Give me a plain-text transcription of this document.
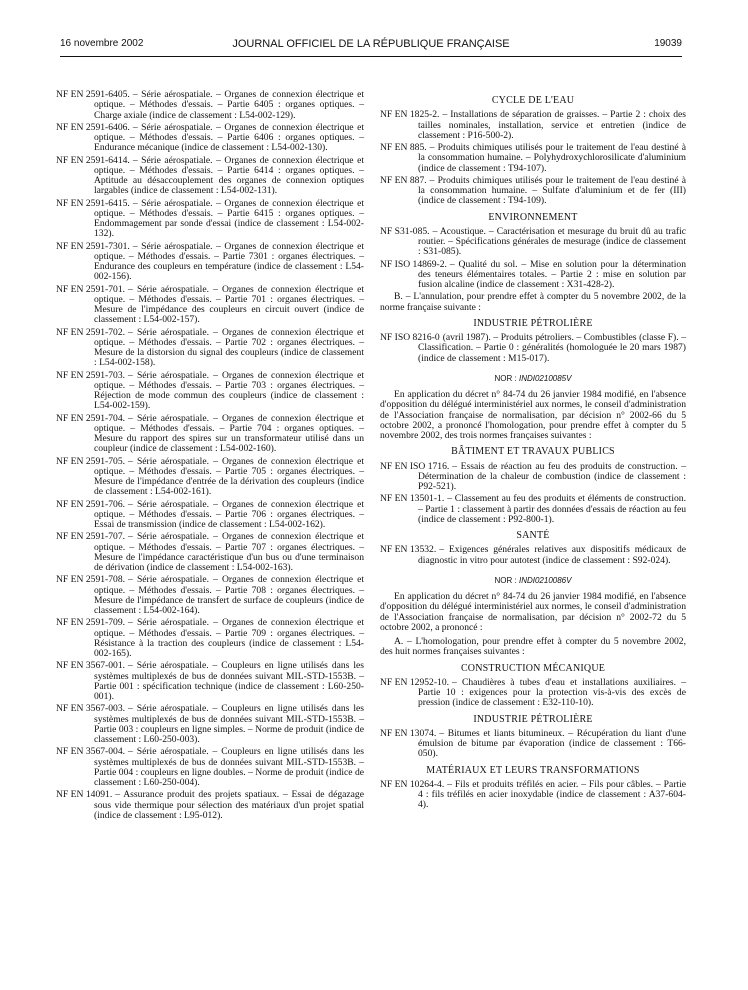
16 novembre 2002	JOURNAL OFFICIEL DE LA RÉPUBLIQUE FRANÇAISE	19039
NF EN 2591-6405. – Série aérospatiale. – Organes de connexion électrique et optique. – Méthodes d'essais. – Partie 6405 : organes optiques. – Charge axiale (indice de classement : L54-002-129).
NF EN 2591-6406. – Série aérospatiale. – Organes de connexion électrique et optique. – Méthodes d'essais. – Partie 6406 : organes optiques. – Endurance mécanique (indice de classement : L54-002-130).
NF EN 2591-6414. – Série aérospatiale. – Organes de connexion électrique et optique. – Méthodes d'essais. – Partie 6414 : organes optiques. – Aptitude au désaccouplement des organes de connexion optiques largables (indice de classement : L54-002-131).
NF EN 2591-6415. – Série aérospatiale. – Organes de connexion électrique et optique. – Méthodes d'essais. – Partie 6415 : organes optiques. – Endommagement par sonde d'essai (indice de classement : L54-002-132).
NF EN 2591-7301. – Série aérospatiale. – Organes de connexion électrique et optique. – Méthodes d'essais. – Partie 7301 : organes électriques. – Endurance des coupleurs en température (indice de classement : L54-002-156).
NF EN 2591-701. – Série aérospatiale. – Organes de connexion électrique et optique. – Méthodes d'essais. – Partie 701 : organes électriques. – Mesure de l'impédance des coupleurs en circuit ouvert (indice de classement : L54-002-157).
NF EN 2591-702. – Série aérospatiale. – Organes de connexion électrique et optique. – Méthodes d'essais. – Partie 702 : organes électriques. – Mesure de la distorsion du signal des coupleurs (indice de classement : L54-002-158).
NF EN 2591-703. – Série aérospatiale. – Organes de connexion électrique et optique. – Méthodes d'essais. – Partie 703 : organes électriques. – Réjection de mode commun des coupleurs (indice de classement : L54-002-159).
NF EN 2591-704. – Série aérospatiale. – Organes de connexion électrique et optique. – Méthodes d'essais. – Partie 704 : organes optiques. – Mesure du rapport des spires sur un transformateur utilisé dans un coupleur (indice de classement : L54-002-160).
NF EN 2591-705. – Série aérospatiale. – Organes de connexion électrique et optique. – Méthodes d'essais. – Partie 705 : organes électriques. – Mesure de l'impédance d'entrée de la dérivation des coupleurs (indice de classement : L54-002-161).
NF EN 2591-706. – Série aérospatiale. – Organes de connexion électrique et optique. – Méthodes d'essais. – Partie 706 : organes électriques. – Essai de transmission (indice de classement : L54-002-162).
NF EN 2591-707. – Série aérospatiale. – Organes de connexion électrique et optique. – Méthodes d'essais. – Partie 707 : organes électriques. – Mesure de l'impédance caractéristique d'un bus ou d'une terminaison de dérivation (indice de classement : L54-002-163).
NF EN 2591-708. – Série aérospatiale. – Organes de connexion électrique et optique. – Méthodes d'essais. – Partie 708 : organes électriques. – Mesure de l'impédance de transfert de surface de coupleurs (indice de classement : L54-002-164).
NF EN 2591-709. – Série aérospatiale. – Organes de connexion électrique et optique. – Méthodes d'essais. – Partie 709 : organes électriques. – Résistance à la traction des coupleurs (indice de classement : L54-002-165).
NF EN 3567-001. – Série aérospatiale. – Coupleurs en ligne utilisés dans les systèmes multiplexés de bus de données suivant MIL-STD-1553B. – Partie 001 : spécification technique (indice de classement : L60-250-001).
NF EN 3567-003. – Série aérospatiale. – Coupleurs en ligne utilisés dans les systèmes multiplexés de bus de données suivant MIL-STD-1553B. – Partie 003 : coupleurs en ligne simples. – Norme de produit (indice de classement : L60-250-003).
NF EN 3567-004. – Série aérospatiale. – Coupleurs en ligne utilisés dans les systèmes multiplexés de bus de données suivant MIL-STD-1553B. – Partie 004 : coupleurs en ligne doubles. – Norme de produit (indice de classement : L60-250-004).
NF EN 14091. – Assurance produit des projets spatiaux. – Essai de dégazage sous vide thermique pour sélection des matériaux d'un projet spatial (indice de classement : L95-012).
CYCLE DE L'EAU
NF EN 1825-2. – Installations de séparation de graisses. – Partie 2 : choix des tailles nominales, installation, service et entretien (indice de classement : P16-500-2).
NF EN 885. – Produits chimiques utilisés pour le traitement de l'eau destiné à la consommation humaine. – Polyhydroxychlorosilicate d'aluminium (indice de classement : T94-107).
NF EN 887. – Produits chimiques utilisés pour le traitement de l'eau destiné à la consommation humaine. – Sulfate d'aluminium et de fer (III) (indice de classement : T94-109).
ENVIRONNEMENT
NF S31-085. – Acoustique. – Caractérisation et mesurage du bruit dû au trafic routier. – Spécifications générales de mesurage (indice de classement : S31-085).
NF ISO 14869-2. – Qualité du sol. – Mise en solution pour la détermination des teneurs élémentaires totales. – Partie 2 : mise en solution par fusion alcaline (indice de classement : X31-428-2).
B. – L'annulation, pour prendre effet à compter du 5 novembre 2002, de la norme française suivante :
INDUSTRIE PÉTROLIÈRE
NF ISO 8216-0 (avril 1987). – Produits pétroliers. – Combustibles (classe F). – Classification. – Partie 0 : généralités (homologuée le 20 mars 1987) (indice de classement : M15-017).
NOR : INDI0210085V
En application du décret n° 84-74 du 26 janvier 1984 modifié, en l'absence d'opposition du délégué interministériel aux normes, le conseil d'administration de l'Association française de normalisation, par décision n° 2002-66 du 5 octobre 2002, a prononcé l'homologation, pour prendre effet à compter du 5 novembre 2002, des trois normes françaises suivantes :
BÂTIMENT ET TRAVAUX PUBLICS
NF EN ISO 1716. – Essais de réaction au feu des produits de construction. – Détermination de la chaleur de combustion (indice de classement : P92-521).
NF EN 13501-1. – Classement au feu des produits et éléments de construction. – Partie 1 : classement à partir des données d'essais de réaction au feu (indice de classement : P92-800-1).
SANTÉ
NF EN 13532. – Exigences générales relatives aux dispositifs médicaux de diagnostic in vitro pour autotest (indice de classement : S92-024).
NOR : INDI0210086V
En application du décret n° 84-74 du 26 janvier 1984 modifié, en l'absence d'opposition du délégué interministériel aux normes, le conseil d'administration de l'Association française de normalisation, par décision n° 2002-72 du 5 octobre 2002, a prononcé :
A. – L'homologation, pour prendre effet à compter du 5 novembre 2002, des huit normes françaises suivantes :
CONSTRUCTION MÉCANIQUE
NF EN 12952-10. – Chaudières à tubes d'eau et installations auxiliaires. – Partie 10 : exigences pour la protection vis-à-vis des excès de pression (indice de classement : E32-110-10).
INDUSTRIE PÉTROLIÈRE
NF EN 13074. – Bitumes et liants bitumineux. – Récupération du liant d'une émulsion de bitume par évaporation (indice de classement : T66-050).
MATÉRIAUX ET LEURS TRANSFORMATIONS
NF EN 10264-4. – Fils et produits tréfilés en acier. – Fils pour câbles. – Partie 4 : fils tréfilés en acier inoxydable (indice de classement : A37-604-4).
